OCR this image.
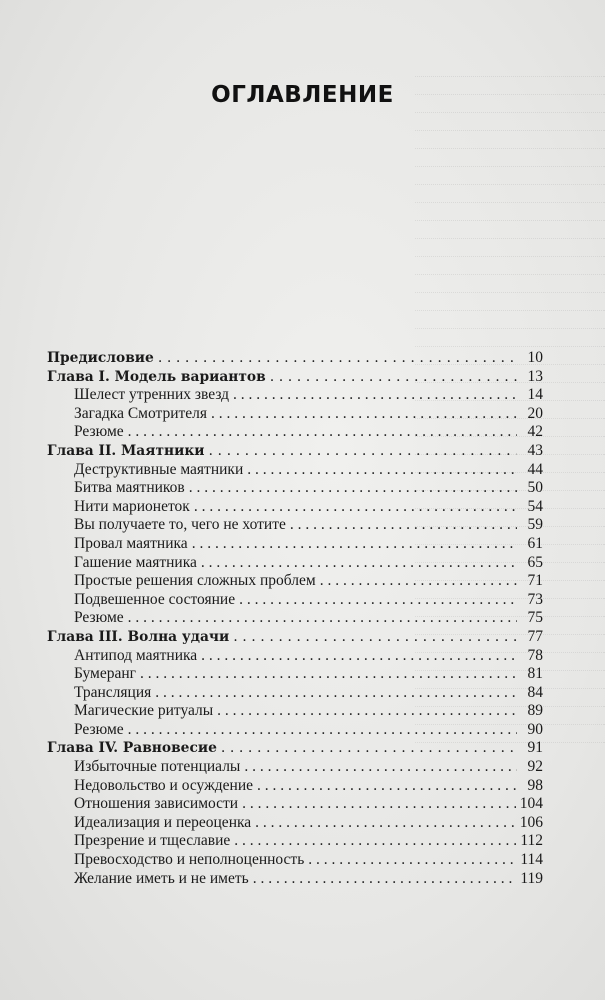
ОГЛАВЛЕНИЕ
Предисловие . . .	10
Глава I. Модель вариантов . . .	13
Шелест утренних звезд . . .	14
Загадка Смотрителя . . .	20
Резюме . . .	42
Глава II. Маятники . . .	43
Деструктивные маятники . . .	44
Битва маятников . . .	50
Нити марионеток . . .	54
Вы получаете то, чего не хотите . . .	59
Провал маятника . . .	61
Гашение маятника . . .	65
Простые решения сложных проблем . . .	71
Подвешенное состояние . . .	73
Резюме . . .	75
Глава III. Волна удачи . . .	77
Антипод маятника . . .	78
Бумеранг . . .	81
Трансляция . . .	84
Магические ритуалы . . .	89
Резюме . . .	90
Глава IV. Равновесие . . .	91
Избыточные потенциалы . . .	92
Недовольство и осуждение . . .	98
Отношения зависимости . . .	104
Идеализация и переоценка . . .	106
Презрение и тщеславие . . .	112
Превосходство и неполноценность . . .	114
Желание иметь и не иметь . . .	119
